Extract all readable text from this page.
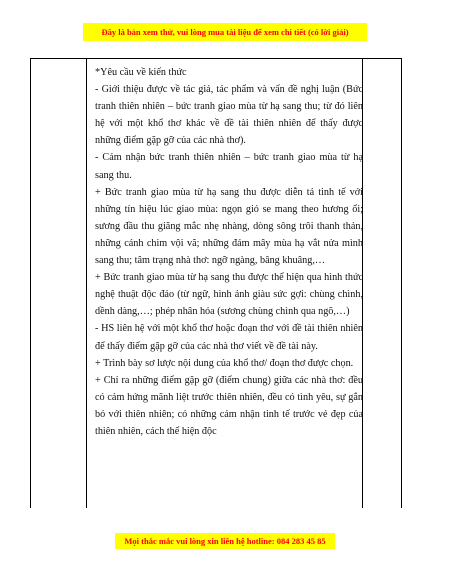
Đây là bản xem thử, vui lòng mua tài liệu để xem chi tiết (có lời giải)

*Yêu cầu về kiến thức

- Giới thiệu được về tác giả, tác phẩm và vấn đề nghị luận (Bức tranh thiên nhiên – bức tranh giao mùa từ hạ sang thu; từ đó liên hệ với một khổ thơ khác về đề tài thiên nhiên để thấy được những điểm gặp gỡ của các nhà thơ).

- Cảm nhận bức tranh thiên nhiên – bức tranh giao mùa từ hạ sang thu.

+ Bức tranh giao mùa từ hạ sang thu được diễn tả tinh tế với những tín hiệu lúc giao mùa: ngọn gió se mang theo hương ổi; sương đầu thu giăng mắc nhẹ nhàng, dòng sông trôi thanh thản, những cánh chim vội vã; những đám mây mùa hạ vắt nửa mình sang thu; tâm trạng nhà thơ: ngỡ ngàng, bâng khuâng,…

+ Bức tranh giao mùa từ hạ sang thu được thể hiện qua hình thức nghệ thuật độc đáo (từ ngữ, hình ảnh giàu sức gợi: chùng chình, dềnh dàng,…; phép nhân hóa (sương chùng chình qua ngõ,…)

- HS liên hệ với một khổ thơ hoặc đoạn thơ với đề tài thiên nhiên để thấy điểm gặp gỡ của các nhà thơ viết về đề tài này.

+ Trình bày sơ lược nội dung của khổ thơ/ đoạn thơ được chọn.

+ Chỉ ra những điểm gặp gỡ (điểm chung) giữa các nhà thơ: đều có cảm hứng mãnh liệt trước thiên nhiên, đều có tình yêu, sự gắn bó với thiên nhiên; có những cảm nhận tinh tế trước vẻ đẹp của thiên nhiên, cách thể hiện độc

Mọi thắc mắc vui lòng xin liên hệ hotline: 084 283 45 85
